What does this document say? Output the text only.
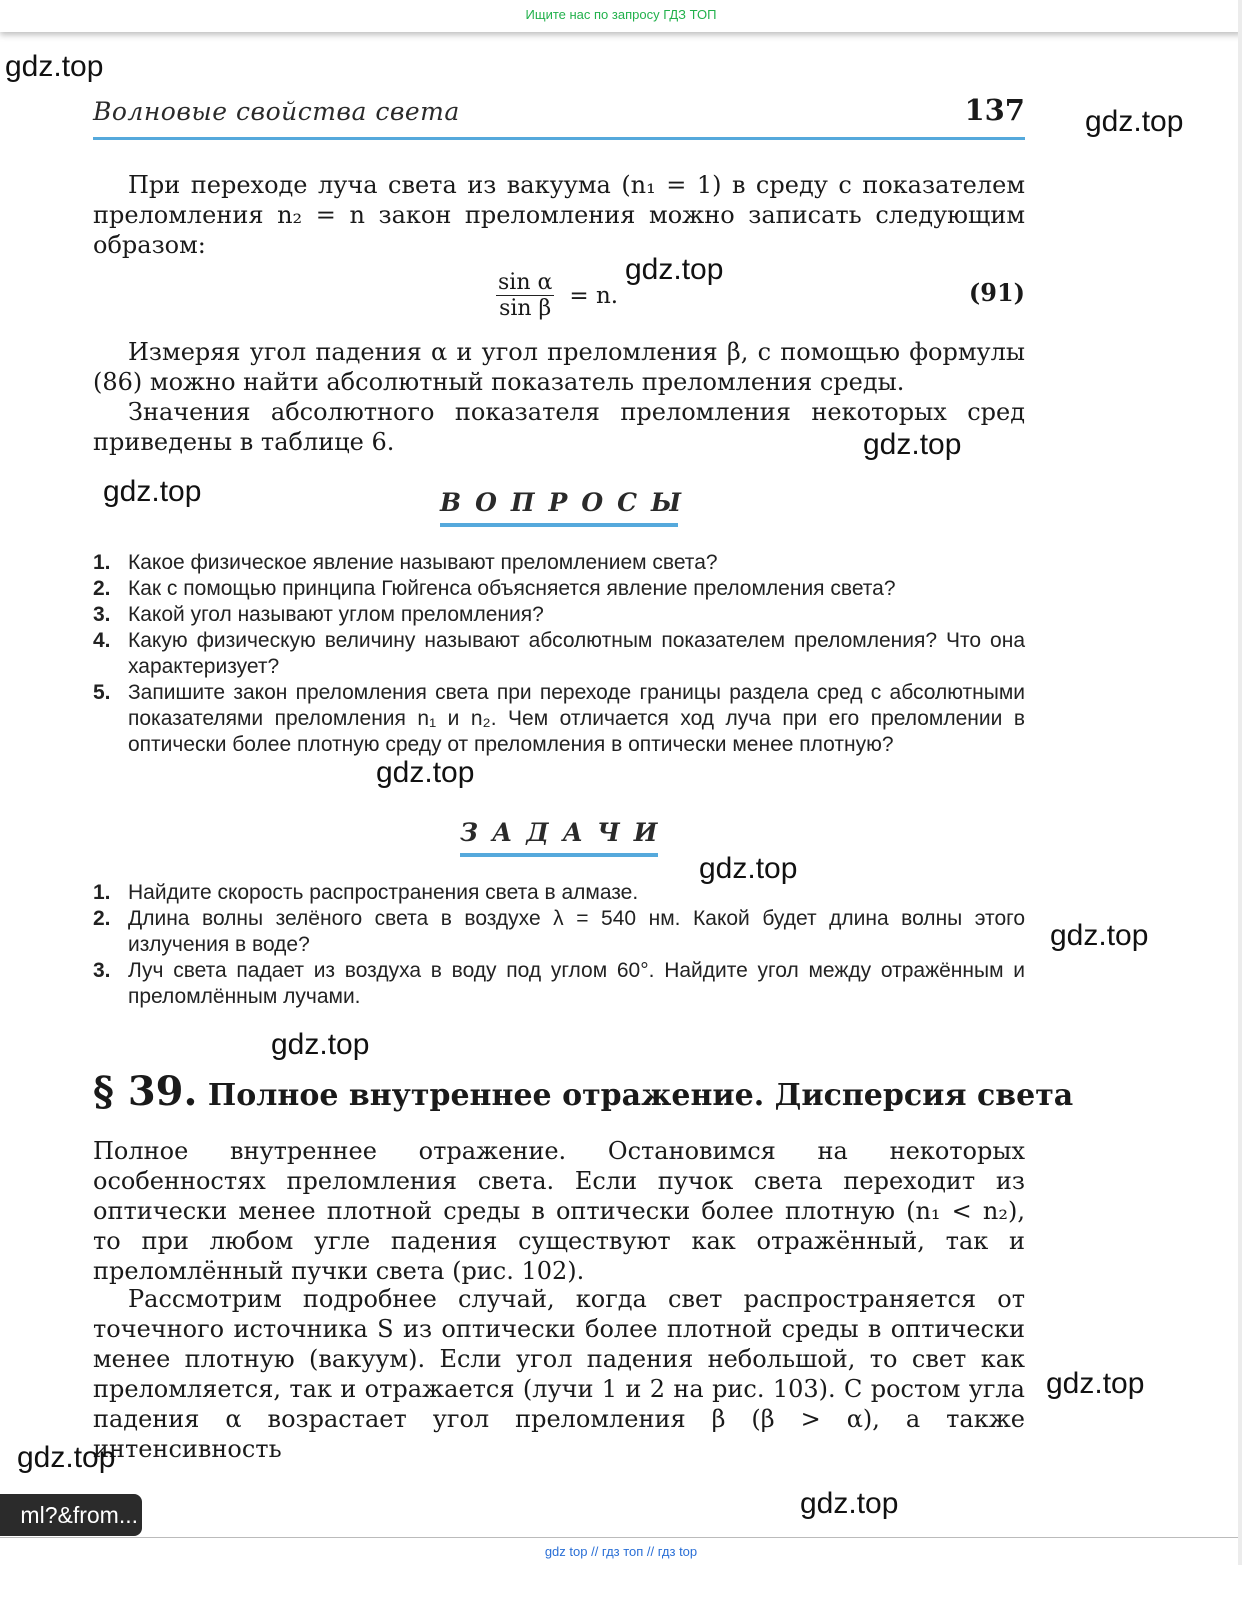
Ищите нас по запросу ГДЗ ТОП
Волновые свойства света	137

При переходе луча света из вакуума (n₁ = 1) в среду с показателем преломления n₂ = n закон преломления можно записать следующим образом:

$\frac{\text{sin α}}{\text{sin β}} = n$.	(91)

Измеряя угол падения α и угол преломления β, с помощью формулы (86) можно найти абсолютный показатель преломления среды.

Значения абсолютного показателя преломления некоторых сред приведены в таблице 6.

ВОПРОСЫ
1. Какое физическое явление называют преломлением света?
2. Как с помощью принципа Гюйгенса объясняется явление преломления света?
3. Какой угол называют углом преломления?
4. Какую физическую величину называют абсолютным показателем преломления? Что она характеризует?
5. Запишите закон преломления света при переходе границы раздела сред с абсолютными показателями преломления n₁ и n₂. Чем отличается ход луча при его преломлении в оптически более плотную среду от преломления в оптически менее плотную?
ЗАДАЧИ
1. Найдите скорость распространения света в алмазе.
2. Длина волны зелёного света в воздухе λ = 540 нм. Какой будет длина волны этого излучения в воде?
3. Луч света падает из воздуха в воду под углом 60°. Найдите угол между отражённым и преломлённым лучами.
§ 39. Полное внутреннее отражение. Дисперсия света

Полное внутреннее отражение. Остановимся на некоторых особенностях преломления света. Если пучок света переходит из оптически менее плотной среды в оптически более плотную (n₁ < n₂), то при любом угле падения существуют как отражённый, так и преломлённый пучки света (рис. 102).

Рассмотрим подробнее случай, когда свет распространяется от точечного источника S из оптически более плотной среды в оптически менее плотную (вакуум). Если угол падения небольшой, то свет как преломляется, так и отражается (лучи 1 и 2 на рис. 103). С ростом угла падения α возрастает угол преломления β (β > α), а также интенсивность

gdz.top
gdz.top
gdz.top
gdz.top
gdz.top
gdz.top
gdz.top
gdz.top
gdz.top
gdz.top
gdz.top
gdz.top
ml?&from...
gdz top // гдз топ // гдз top
